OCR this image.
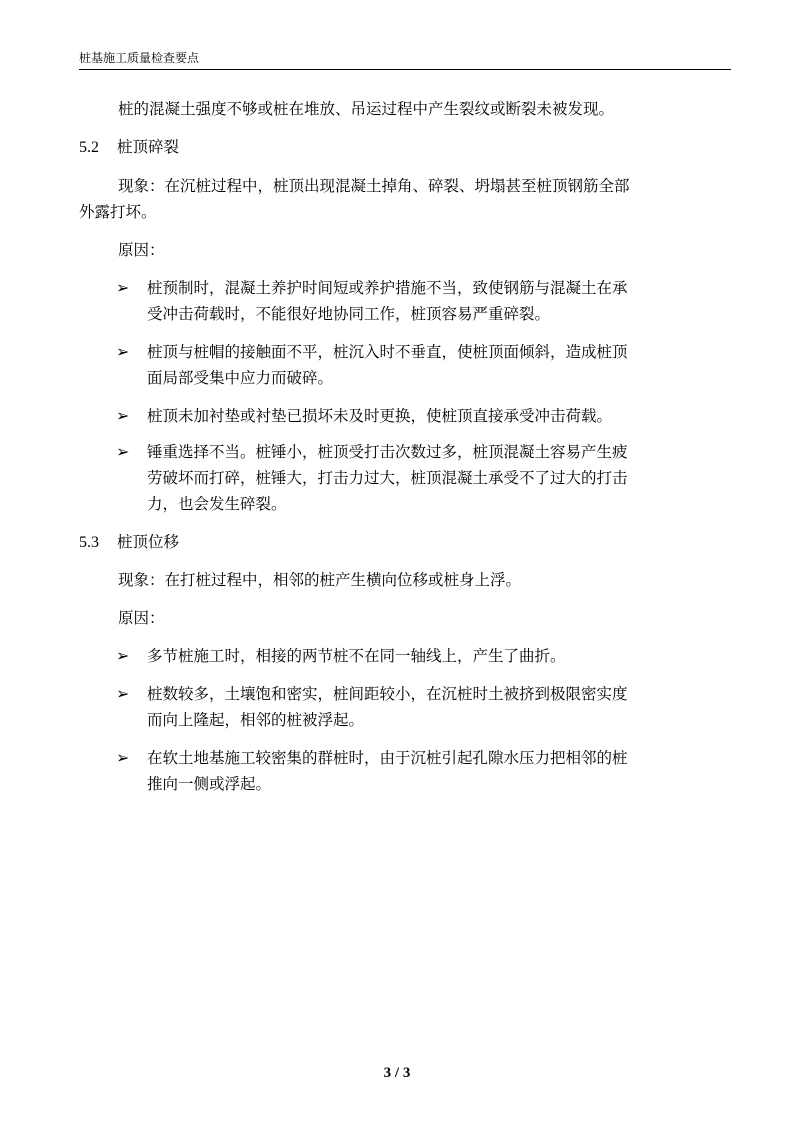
桩基施工质量检查要点
桩的混凝土强度不够或桩在堆放、吊运过程中产生裂纹或断裂未被发现。
5.2 桩顶碎裂
现象：在沉桩过程中，桩顶出现混凝土掉角、碎裂、坍塌甚至桩顶钢筋全部
外露打坏。
原因：
➢ 桩预制时，混凝土养护时间短或养护措施不当，致使钢筋与混凝土在承
受冲击荷载时，不能很好地协同工作，桩顶容易严重碎裂。
➢ 桩顶与桩帽的接触面不平，桩沉入时不垂直，使桩顶面倾斜，造成桩顶
面局部受集中应力而破碎。
➢ 桩顶未加衬垫或衬垫已损坏未及时更换，使桩顶直接承受冲击荷载。
➢ 锤重选择不当。桩锤小，桩顶受打击次数过多，桩顶混凝土容易产生疲
劳破坏而打碎，桩锤大，打击力过大，桩顶混凝土承受不了过大的打击
力，也会发生碎裂。
5.3 桩顶位移
现象：在打桩过程中，相邻的桩产生横向位移或桩身上浮。
原因：
➢ 多节桩施工时，相接的两节桩不在同一轴线上，产生了曲折。
➢ 桩数较多，土壤饱和密实，桩间距较小，在沉桩时土被挤到极限密实度
而向上隆起，相邻的桩被浮起。
➢ 在软土地基施工较密集的群桩时，由于沉桩引起孔隙水压力把相邻的桩
推向一侧或浮起。
3 / 3
